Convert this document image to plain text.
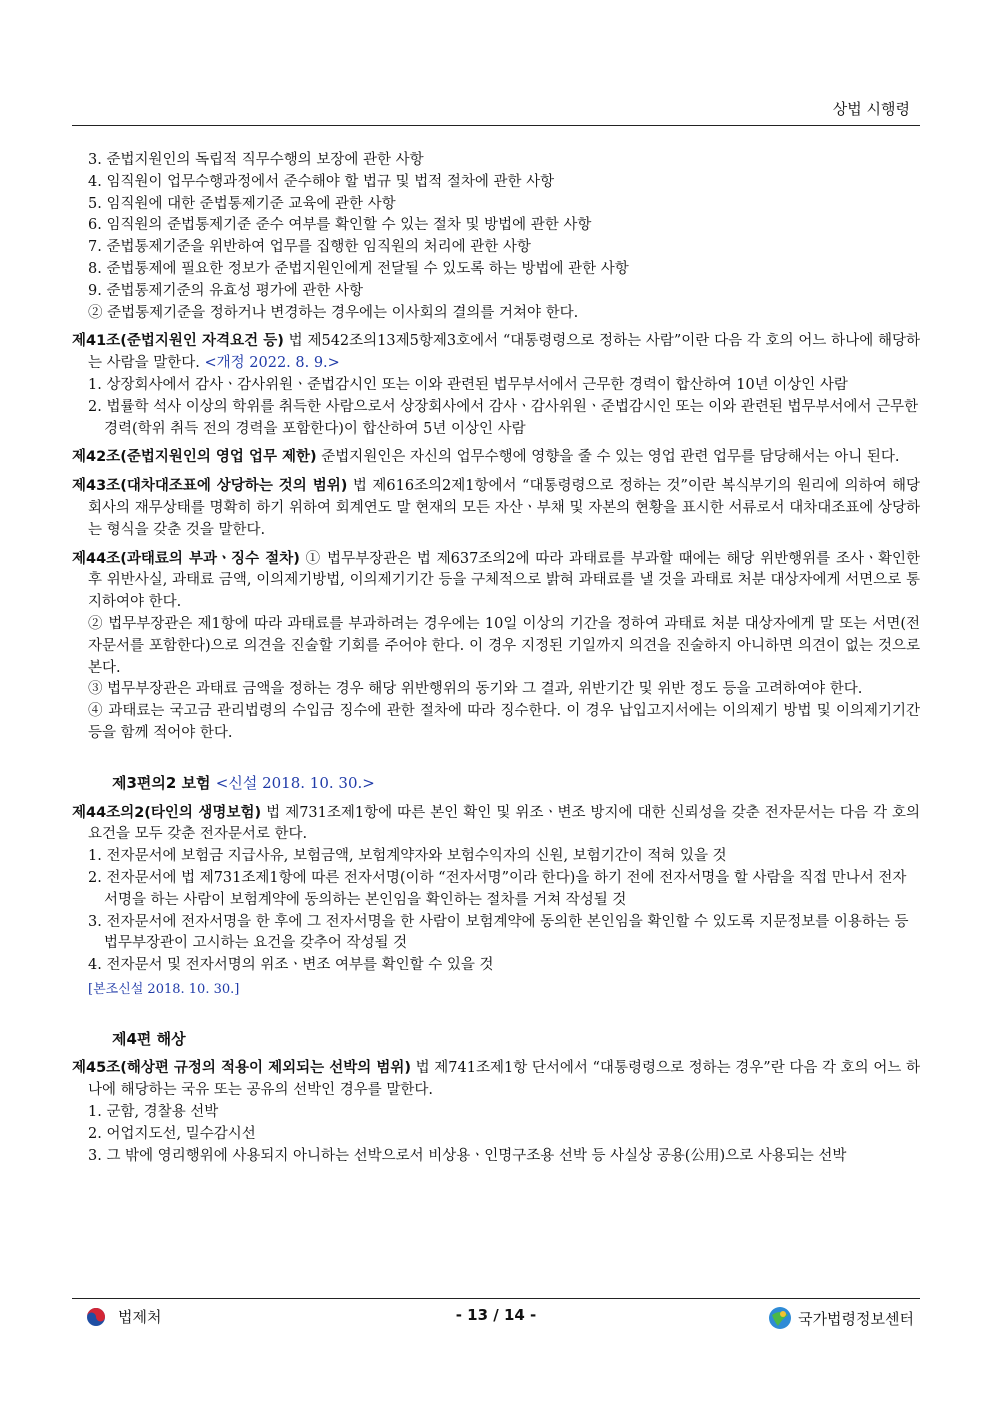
상법 시행령

3. 준법지원인의 독립적 직무수행의 보장에 관한 사항

4. 임직원이 업무수행과정에서 준수해야 할 법규 및 법적 절차에 관한 사항

5. 임직원에 대한 준법통제기준 교육에 관한 사항

6. 임직원의 준법통제기준 준수 여부를 확인할 수 있는 절차 및 방법에 관한 사항

7. 준법통제기준을 위반하여 업무를 집행한 임직원의 처리에 관한 사항

8. 준법통제에 필요한 정보가 준법지원인에게 전달될 수 있도록 하는 방법에 관한 사항

9. 준법통제기준의 유효성 평가에 관한 사항

② 준법통제기준을 정하거나 변경하는 경우에는 이사회의 결의를 거쳐야 한다.

제41조(준법지원인 자격요건 등) 법 제542조의13제5항제3호에서 “대통령령으로 정하는 사람”이란 다음 각 호의 어느 하나에 해당하는 사람을 말한다. <개정 2022. 8. 9.>

1. 상장회사에서 감사ㆍ감사위원ㆍ준법감시인 또는 이와 관련된 법무부서에서 근무한 경력이 합산하여 10년 이상인 사람

2. 법률학 석사 이상의 학위를 취득한 사람으로서 상장회사에서 감사ㆍ감사위원ㆍ준법감시인 또는 이와 관련된 법무부서에서 근무한 경력(학위 취득 전의 경력을 포함한다)이 합산하여 5년 이상인 사람

제42조(준법지원인의 영업 업무 제한) 준법지원인은 자신의 업무수행에 영향을 줄 수 있는 영업 관련 업무를 담당해서는 아니 된다.

제43조(대차대조표에 상당하는 것의 범위) 법 제616조의2제1항에서 “대통령령으로 정하는 것”이란 복식부기의 원리에 의하여 해당 회사의 재무상태를 명확히 하기 위하여 회계연도 말 현재의 모든 자산ㆍ부채 및 자본의 현황을 표시한 서류로서 대차대조표에 상당하는 형식을 갖춘 것을 말한다.

제44조(과태료의 부과ㆍ징수 절차) ① 법무부장관은 법 제637조의2에 따라 과태료를 부과할 때에는 해당 위반행위를 조사ㆍ확인한 후 위반사실, 과태료 금액, 이의제기방법, 이의제기기간 등을 구체적으로 밝혀 과태료를 낼 것을 과태료 처분 대상자에게 서면으로 통지하여야 한다.

② 법무부장관은 제1항에 따라 과태료를 부과하려는 경우에는 10일 이상의 기간을 정하여 과태료 처분 대상자에게 말 또는 서면(전자문서를 포함한다)으로 의견을 진술할 기회를 주어야 한다. 이 경우 지정된 기일까지 의견을 진술하지 아니하면 의견이 없는 것으로 본다.

③ 법무부장관은 과태료 금액을 정하는 경우 해당 위반행위의 동기와 그 결과, 위반기간 및 위반 정도 등을 고려하여야 한다.

④ 과태료는 국고금 관리법령의 수입금 징수에 관한 절차에 따라 징수한다. 이 경우 납입고지서에는 이의제기 방법 및 이의제기기간 등을 함께 적어야 한다.

제3편의2 보험 <신설 2018. 10. 30.>

제44조의2(타인의 생명보험) 법 제731조제1항에 따른 본인 확인 및 위조ㆍ변조 방지에 대한 신뢰성을 갖춘 전자문서는 다음 각 호의 요건을 모두 갖춘 전자문서로 한다.

1. 전자문서에 보험금 지급사유, 보험금액, 보험계약자와 보험수익자의 신원, 보험기간이 적혀 있을 것

2. 전자문서에 법 제731조제1항에 따른 전자서명(이하 “전자서명”이라 한다)을 하기 전에 전자서명을 할 사람을 직접 만나서 전자서명을 하는 사람이 보험계약에 동의하는 본인임을 확인하는 절차를 거쳐 작성될 것

3. 전자문서에 전자서명을 한 후에 그 전자서명을 한 사람이 보험계약에 동의한 본인임을 확인할 수 있도록 지문정보를 이용하는 등 법무부장관이 고시하는 요건을 갖추어 작성될 것

4. 전자문서 및 전자서명의 위조ㆍ변조 여부를 확인할 수 있을 것

[본조신설 2018. 10. 30.]

제4편 해상

제45조(해상편 규정의 적용이 제외되는 선박의 범위) 법 제741조제1항 단서에서 “대통령령으로 정하는 경우”란 다음 각 호의 어느 하나에 해당하는 국유 또는 공유의 선박인 경우를 말한다.

1. 군함, 경찰용 선박

2. 어업지도선, 밀수감시선

3. 그 밖에 영리행위에 사용되지 아니하는 선박으로서 비상용ㆍ인명구조용 선박 등 사실상 공용(公用)으로 사용되는 선박

법제처	- 13 / 14 -	국가법령정보센터
